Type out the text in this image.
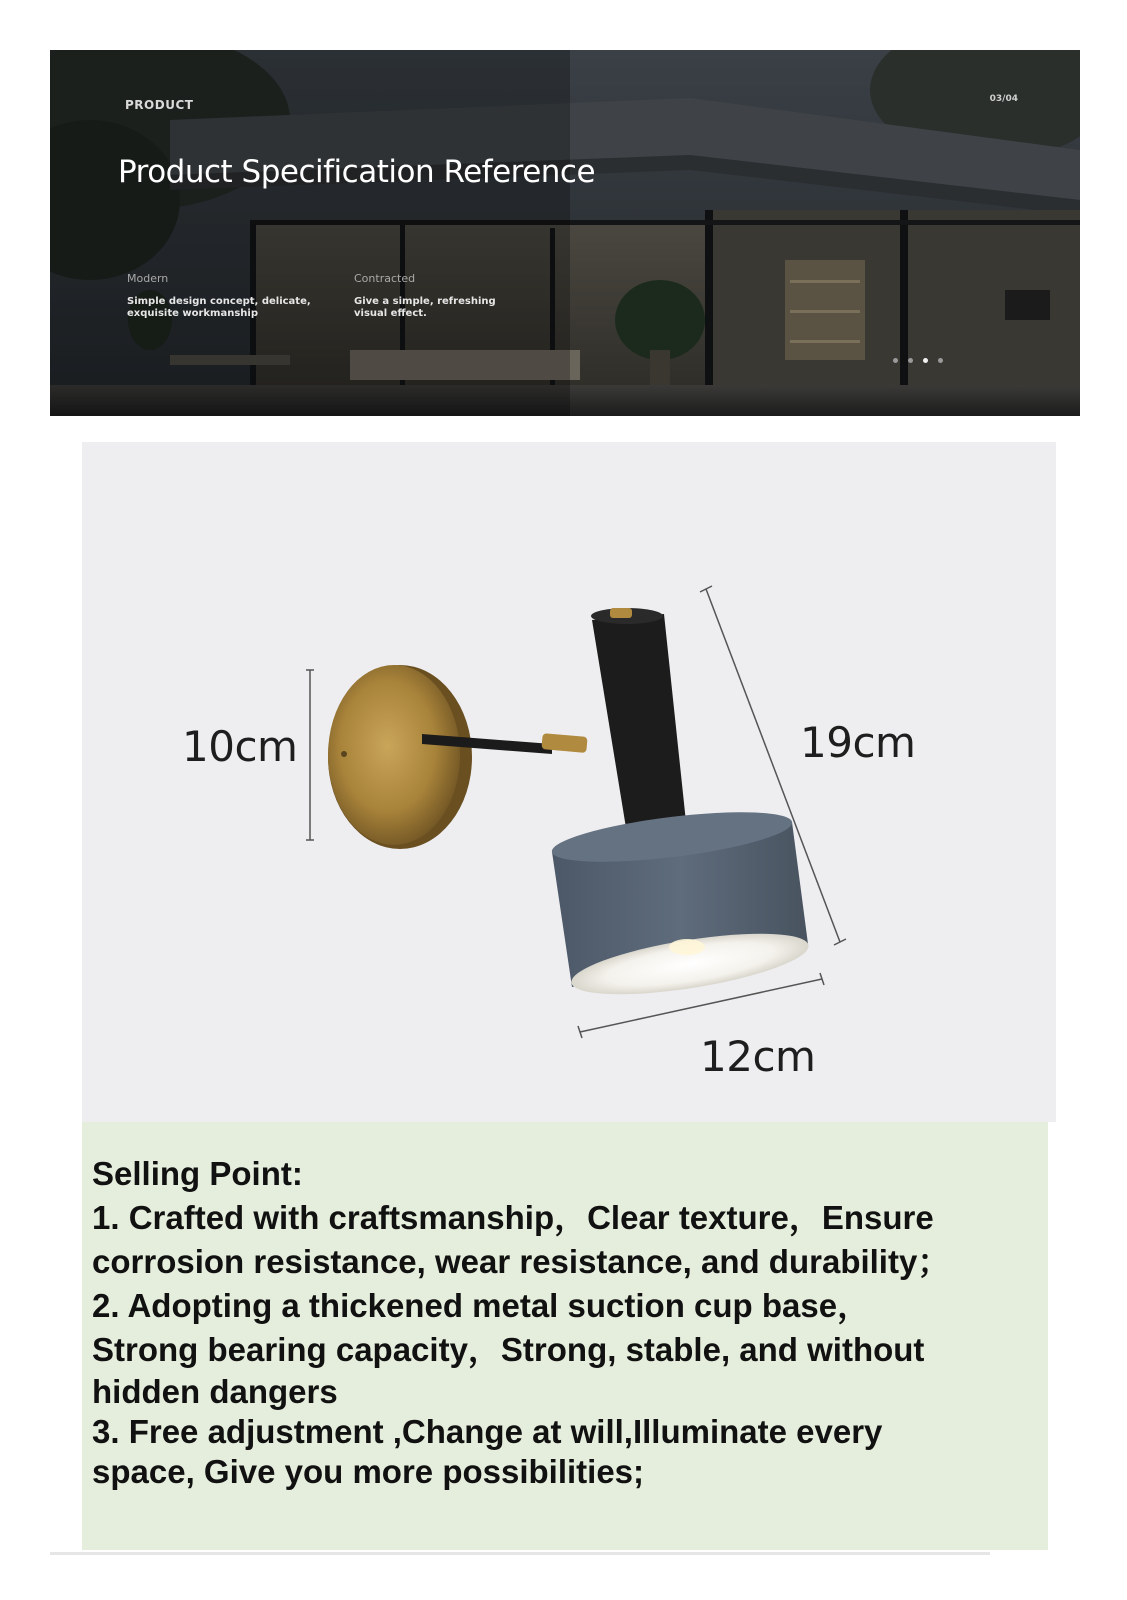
PRODUCT	03/04
Product Specification Reference
Modern
Simple design concept, delicate, exquisite workmanship
Contracted
Give a simple, refreshing visual effect.
10cm	19cm
12cm

Selling Point:

1. Crafted with craftsmanship，Clear texture，Ensure

corrosion resistance, wear resistance, and durability；

2. Adopting a thickened metal suction cup base，

Strong bearing capacity，Strong, stable, and without

hidden dangers

3. Free adjustment ,Change at will,Illuminate every

space, Give you more possibilities;
